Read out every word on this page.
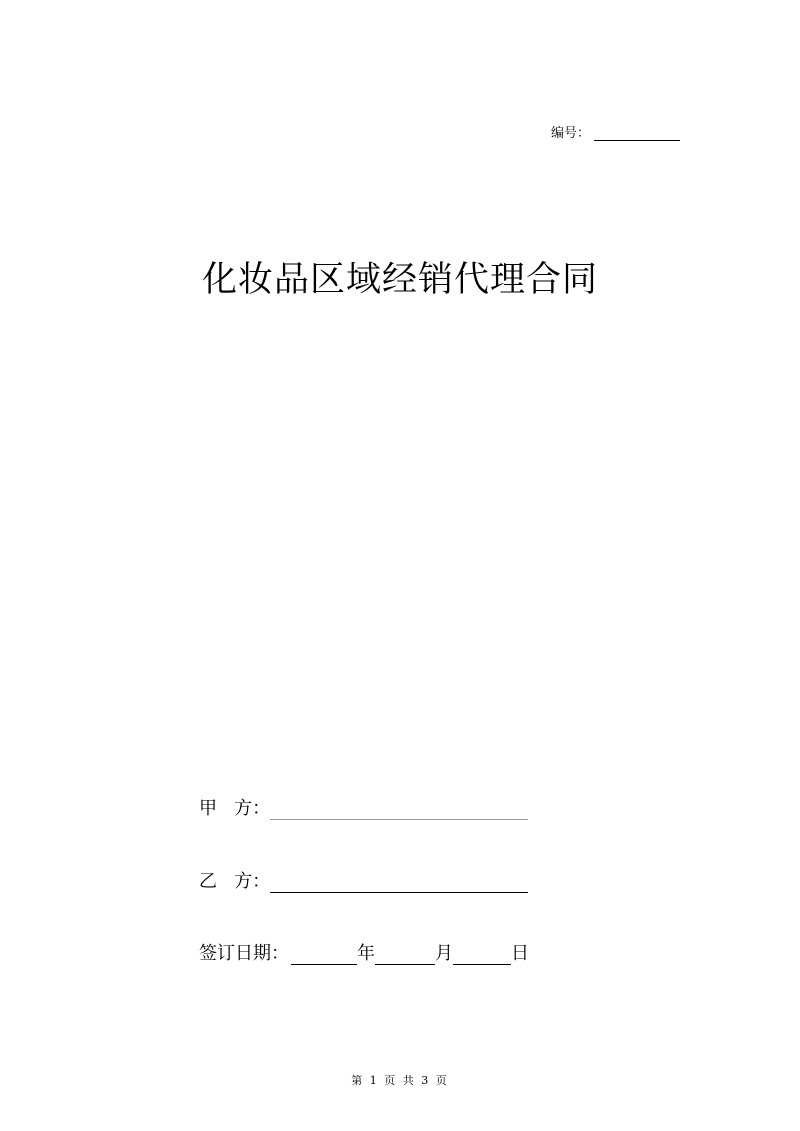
编号：
化妆品区域经销代理合同
甲   方：
乙   方：
签订日期：	年	月	日
第 1 页 共 3 页
